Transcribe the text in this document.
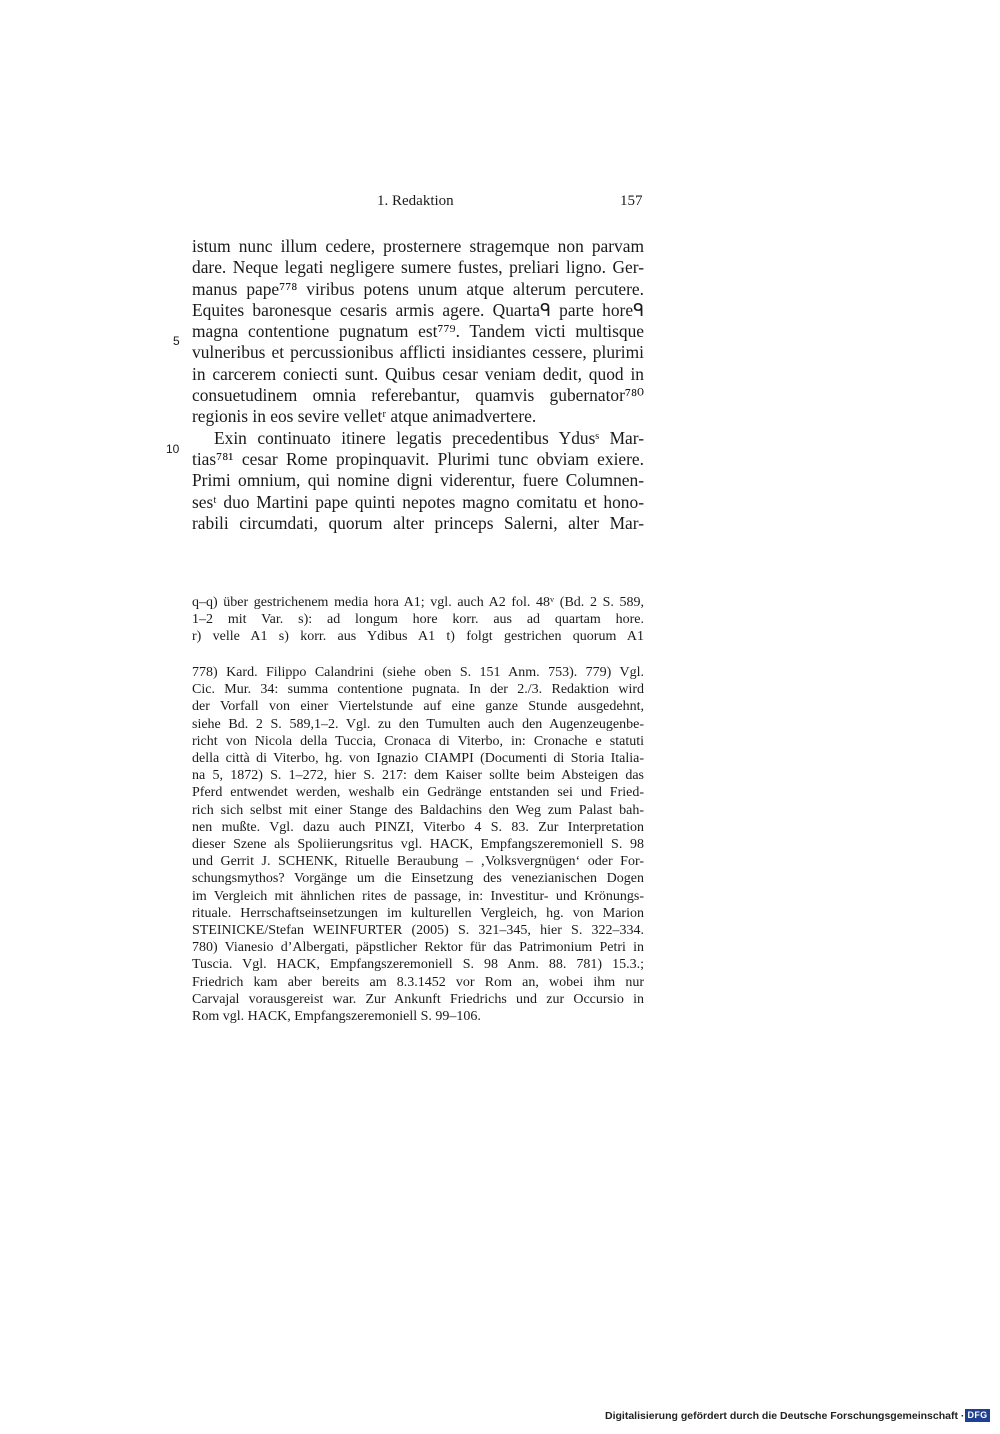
1. Redaktion	157
istum nunc illum cedere, prosternere stragemque non parvam
dare. Neque legati negligere sumere fustes, preliari ligno. Ger-
manus pape⁷⁷⁸ viribus potens unum atque alterum percutere.
Equites baronesque cesaris armis agere. Quartaᑫ parte horeᑫ
magna contentione pugnatum est⁷⁷⁹. Tandem victi multisque
vulneribus et percussionibus afflicti insidiantes cessere, plurimi
in carcerem coniecti sunt. Quibus cesar veniam dedit, quod in
consuetudinem omnia referebantur, quamvis gubernator⁷⁸⁰
regionis in eos sevire velletʳ atque animadvertere.
Exin continuato itinere legatis precedentibus Ydusˢ Mar-
tias⁷⁸¹ cesar Rome propinquavit. Plurimi tunc obviam exiere.
Primi omnium, qui nomine digni viderentur, fuere Columnen-
sesᵗ duo Martini pape quinti nepotes magno comitatu et hono-
rabili circumdati, quorum alter princeps Salerni, alter Mar-
5
10
q–q) über gestrichenem media hora A1; vgl. auch A2 fol. 48ᵛ (Bd. 2 S. 589,
1–2 mit Var. s): ad longum hore korr. aus ad quartam hore.
r) velle A1 s) korr. aus Ydibus A1 t) folgt gestrichen quorum A1
778) Kard. Filippo Calandrini (siehe oben S. 151 Anm. 753). 779) Vgl.
Cic. Mur. 34: summa contentione pugnata. In der 2./3. Redaktion wird
der Vorfall von einer Viertelstunde auf eine ganze Stunde ausgedehnt,
siehe Bd. 2 S. 589,1–2. Vgl. zu den Tumulten auch den Augenzeugenbe-
richt von Nicola della Tuccia, Cronaca di Viterbo, in: Cronache e statuti
della città di Viterbo, hg. von Ignazio CIAMPI (Documenti di Storia Italia-
na 5, 1872) S. 1–272, hier S. 217: dem Kaiser sollte beim Absteigen das
Pferd entwendet werden, weshalb ein Gedränge entstanden sei und Fried-
rich sich selbst mit einer Stange des Baldachins den Weg zum Palast bah-
nen mußte. Vgl. dazu auch PINZI, Viterbo 4 S. 83. Zur Interpretation
dieser Szene als Spoliierungsritus vgl. HACK, Empfangszeremoniell S. 98
und Gerrit J. SCHENK, Rituelle Beraubung – ‚Volksvergnügen‘ oder For-
schungsmythos? Vorgänge um die Einsetzung des venezianischen Dogen
im Vergleich mit ähnlichen rites de passage, in: Investitur- und Krönungs-
rituale. Herrschaftseinsetzungen im kulturellen Vergleich, hg. von Marion
STEINICKE/Stefan WEINFURTER (2005) S. 321–345, hier S. 322–334.
780) Vianesio d’Albergati, päpstlicher Rektor für das Patrimonium Petri in
Tuscia. Vgl. HACK, Empfangszeremoniell S. 98 Anm. 88. 781) 15.3.;
Friedrich kam aber bereits am 8.3.1452 vor Rom an, wobei ihm nur
Carvajal vorausgereist war. Zur Ankunft Friedrichs und zur Occursio in
Rom vgl. HACK, Empfangszeremoniell S. 99–106.
Digitalisierung gefördert durch die Deutsche Forschungsgemeinschaft · DFG
